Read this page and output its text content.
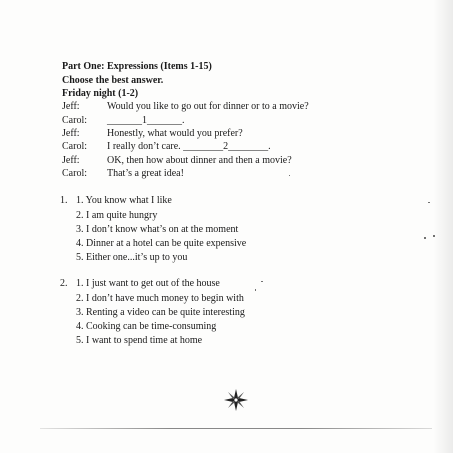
Part One: Expressions (Items 1-15)
Choose the best answer.
Friday night (1-2)
Jeff:	Would you like to go out for dinner or to a movie?
Carol: _______1_______.
Jeff:	Honestly, what would you prefer?
Carol: I really don’t care. ________2________.
Jeff:	OK, then how about dinner and then a movie?
Carol: That’s a great idea!
1. 1. You know what I like
2. I am quite hungry
3. I don’t know what’s on at the moment
4. Dinner at a hotel can be quite expensive
5. Either one...it’s up to you
2. 1. I just want to get out of the house
2. I don’t have much money to begin with
3. Renting a video can be quite interesting
4. Cooking can be time-consuming
5. I want to spend time at home
